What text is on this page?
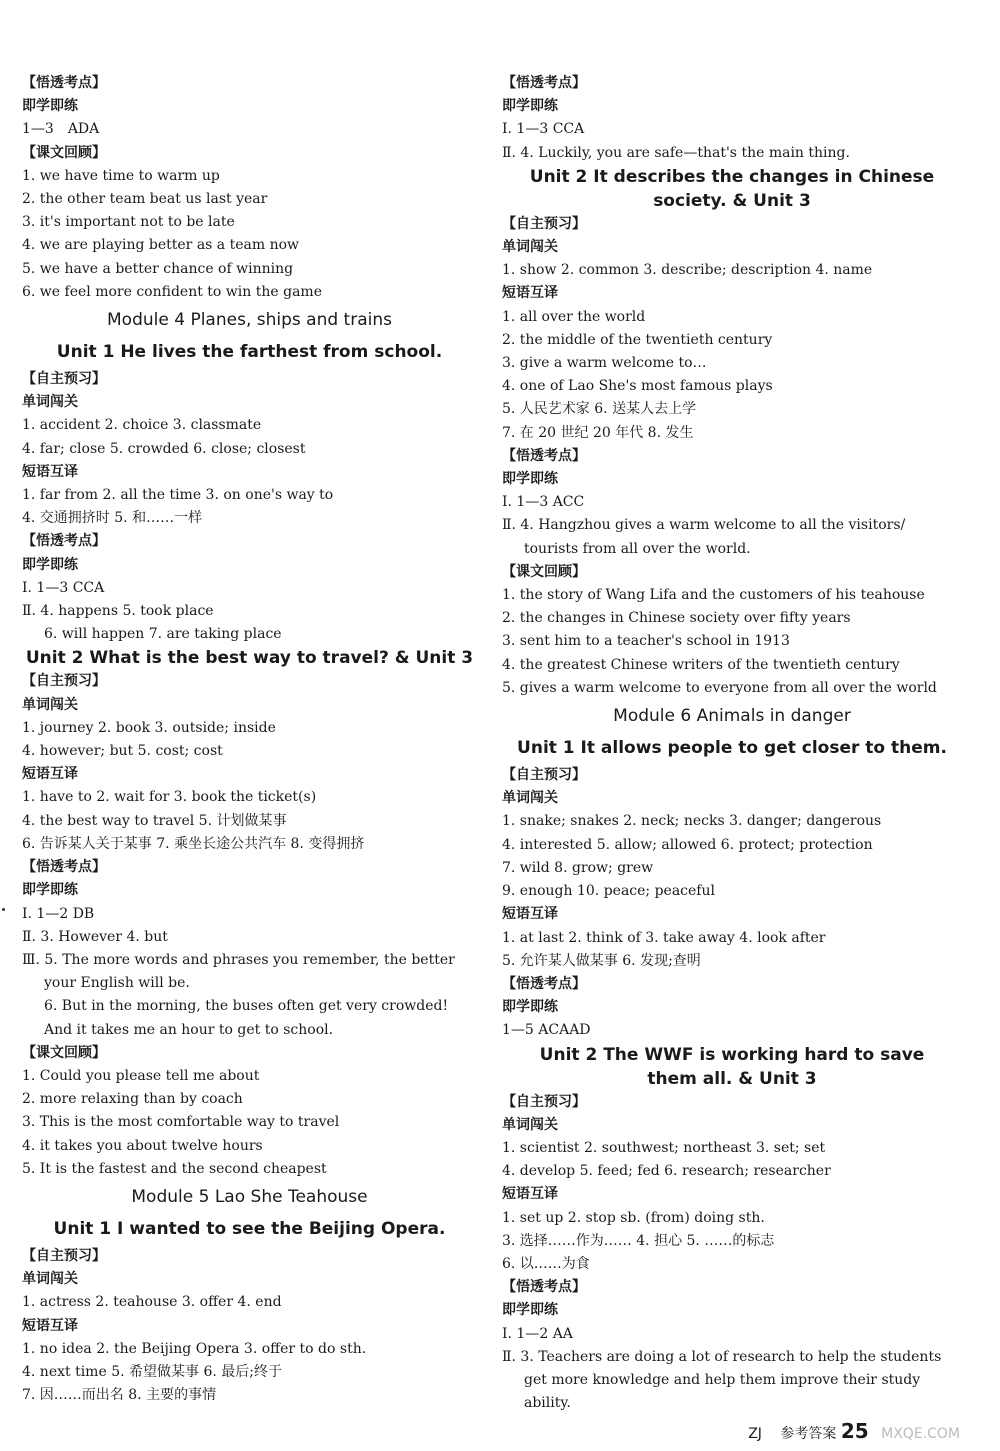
【悟透考点】
即学即练
1—3　ADA
【课文回顾】
1. we have time to warm up
2. the other team beat us last year
3. it's important not to be late
4. we are playing better as a team now
5. we have a better chance of winning
6. we feel more confident to win the game
Module 4 Planes, ships and trains
Unit 1 He lives the farthest from school.
【自主预习】
单词闯关
1. accident 2. choice 3. classmate
4. far; close 5. crowded 6. close; closest
短语互译
1. far from 2. all the time 3. on one's way to
4. 交通拥挤时 5. 和……一样
【悟透考点】
即学即练
Ⅰ. 1—3 CCA
Ⅱ. 4. happens 5. took place
6. will happen 7. are taking place
Unit 2 What is the best way to travel? & Unit 3
【自主预习】
单词闯关
1. journey 2. book 3. outside; inside
4. however; but 5. cost; cost
短语互译
1. have to 2. wait for 3. book the ticket(s)
4. the best way to travel 5. 计划做某事
6. 告诉某人关于某事 7. 乘坐长途公共汽车 8. 变得拥挤
【悟透考点】
即学即练
Ⅰ. 1—2 DB
Ⅱ. 3. However 4. but
Ⅲ. 5. The more words and phrases you remember, the better
your English will be.
6. But in the morning, the buses often get very crowded!
And it takes me an hour to get to school.
【课文回顾】
1. Could you please tell me about
2. more relaxing than by coach
3. This is the most comfortable way to travel
4. it takes you about twelve hours
5. It is the fastest and the second cheapest
Module 5 Lao She Teahouse
Unit 1 I wanted to see the Beijing Opera.
【自主预习】
单词闯关
1. actress 2. teahouse 3. offer 4. end
短语互译
1. no idea 2. the Beijing Opera 3. offer to do sth.
4. next time 5. 希望做某事 6. 最后;终于
7. 因……而出名 8. 主要的事情
【悟透考点】
即学即练
Ⅰ. 1—3 CCA
Ⅱ. 4. Luckily, you are safe—that's the main thing.
Unit 2 It describes the changes in Chinese
society. & Unit 3
【自主预习】
单词闯关
1. show 2. common 3. describe; description 4. name
短语互译
1. all over the world
2. the middle of the twentieth century
3. give a warm welcome to…
4. one of Lao She's most famous plays
5. 人民艺术家 6. 送某人去上学
7. 在 20 世纪 20 年代 8. 发生
【悟透考点】
即学即练
Ⅰ. 1—3 ACC
Ⅱ. 4. Hangzhou gives a warm welcome to all the visitors/
tourists from all over the world.
【课文回顾】
1. the story of Wang Lifa and the customers of his teahouse
2. the changes in Chinese society over fifty years
3. sent him to a teacher's school in 1913
4. the greatest Chinese writers of the twentieth century
5. gives a warm welcome to everyone from all over the world
Module 6 Animals in danger
Unit 1 It allows people to get closer to them.
【自主预习】
单词闯关
1. snake; snakes 2. neck; necks 3. danger; dangerous
4. interested 5. allow; allowed 6. protect; protection
7. wild 8. grow; grew
9. enough 10. peace; peaceful
短语互译
1. at last 2. think of 3. take away 4. look after
5. 允许某人做某事 6. 发现;查明
【悟透考点】
即学即练
1—5 ACAAD
Unit 2 The WWF is working hard to save
them all. & Unit 3
【自主预习】
单词闯关
1. scientist 2. southwest; northeast 3. set; set
4. develop 5. feed; fed 6. research; researcher
短语互译
1. set up 2. stop sb. (from) doing sth.
3. 选择……作为…… 4. 担心 5. ……的标志
6. 以……为食
【悟透考点】
即学即练
Ⅰ. 1—2 AA
Ⅱ. 3. Teachers are doing a lot of research to help the students
get more knowledge and help them improve their study
ability.
ZJ 参考答案 25 MXQE.COM
